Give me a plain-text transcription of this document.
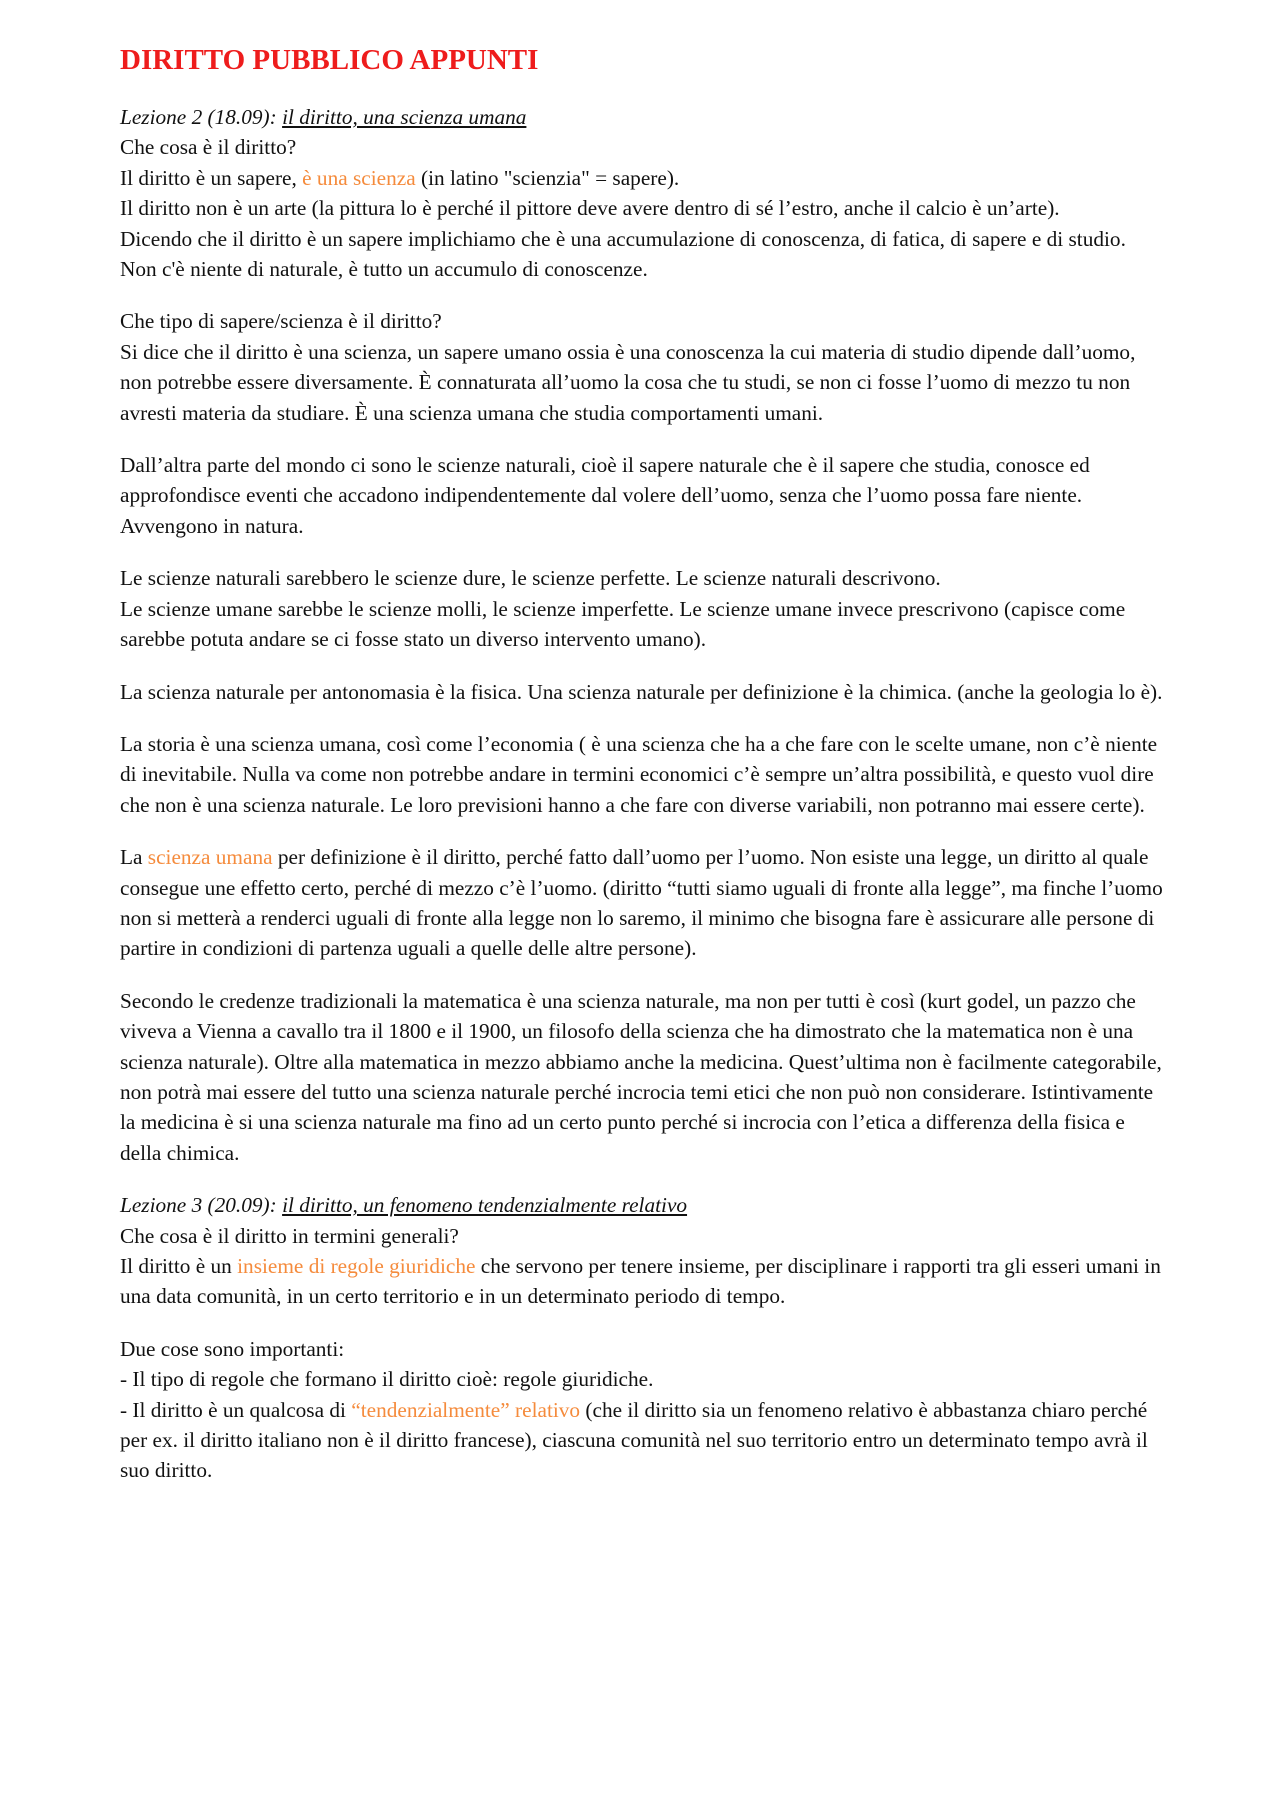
DIRITTO PUBBLICO APPUNTI
Lezione 2 (18.09): il diritto, una scienza umana
Che cosa è il diritto?
Il diritto è un sapere, è una scienza (in latino "scienzia" = sapere).
Il diritto non è un arte (la pittura lo è perché il pittore deve avere dentro di sé l’estro, anche il calcio è un’arte).
Dicendo che il diritto è un sapere implichiamo che è una accumulazione di conoscenza, di fatica, di sapere e di studio. Non c'è niente di naturale, è tutto un accumulo di conoscenze.
Che tipo di sapere/scienza è il diritto?
Si dice che il diritto è una scienza, un sapere umano ossia è una conoscenza la cui materia di studio dipende dall’uomo, non potrebbe essere diversamente. È connaturata all’uomo la cosa che tu studi, se non ci fosse l’uomo di mezzo tu non avresti materia da studiare. È una scienza umana che studia comportamenti umani.
Dall’altra parte del mondo ci sono le scienze naturali, cioè il sapere naturale che è il sapere che studia, conosce ed approfondisce eventi che accadono indipendentemente dal volere dell’uomo, senza che l’uomo possa fare niente. Avvengono in natura.
Le scienze naturali sarebbero le scienze dure, le scienze perfette. Le scienze naturali descrivono.
Le scienze umane sarebbe le scienze molli, le scienze imperfette. Le scienze umane invece prescrivono (capisce come sarebbe potuta andare se ci fosse stato un diverso intervento umano).
La scienza naturale per antonomasia è la fisica. Una scienza naturale per definizione è la chimica. (anche la geologia lo è).
La storia è una scienza umana, così come l’economia ( è una scienza che ha a che fare con le scelte umane, non c’è niente di inevitabile. Nulla va come non potrebbe andare in termini economici c’è sempre un’altra possibilità, e questo vuol dire che non è una scienza naturale. Le loro previsioni hanno a che fare con diverse variabili, non potranno mai essere certe).
La scienza umana per definizione è il diritto, perché fatto dall’uomo per l’uomo. Non esiste una legge, un diritto al quale consegue une effetto certo, perché di mezzo c’è l’uomo. (diritto “tutti siamo uguali di fronte alla legge”, ma finche l’uomo non si metterà a renderci uguali di fronte alla legge non lo saremo, il minimo che bisogna fare è assicurare alle persone di partire in condizioni di partenza uguali a quelle delle altre persone).
Secondo le credenze tradizionali la matematica è una scienza naturale, ma non per tutti è così (kurt godel, un pazzo che viveva a Vienna a cavallo tra il 1800 e il 1900, un filosofo della scienza che ha dimostrato che la matematica non è una scienza naturale). Oltre alla matematica in mezzo abbiamo anche la medicina. Quest’ultima non è facilmente categorabile, non potrà mai essere del tutto una scienza naturale perché incrocia temi etici che non può non considerare. Istintivamente la medicina è si una scienza naturale ma fino ad un certo punto perché si incrocia con l’etica a differenza della fisica e della chimica.
Lezione 3 (20.09): il diritto, un fenomeno tendenzialmente relativo
Che cosa è il diritto in termini generali?
Il diritto è un insieme di regole giuridiche che servono per tenere insieme, per disciplinare i rapporti tra gli esseri umani in una data comunità, in un certo territorio e in un determinato periodo di tempo.
Due cose sono importanti:
- Il tipo di regole che formano il diritto cioè: regole giuridiche.
- Il diritto è un qualcosa di “tendenzialmente” relativo (che il diritto sia un fenomeno relativo è abbastanza chiaro perché per ex. il diritto italiano non è il diritto francese), ciascuna comunità nel suo territorio entro un determinato tempo avrà il suo diritto.
